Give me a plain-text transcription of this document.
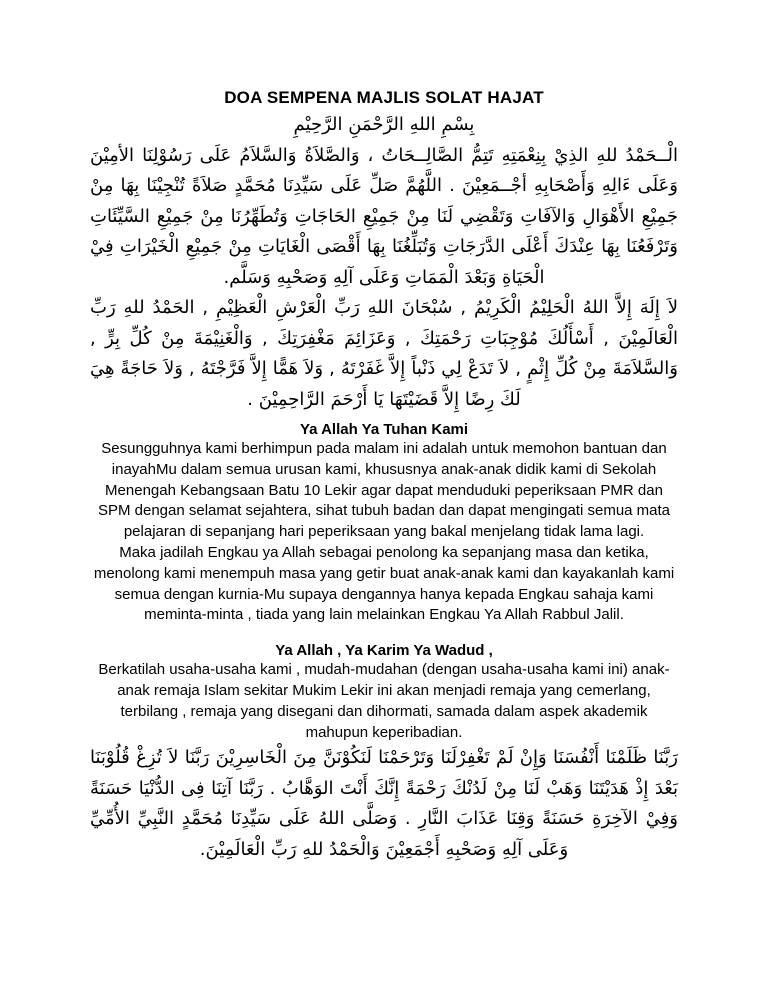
DOA SEMPENA MAJLIS SOLAT HAJAT

بِسْمِ اللهِ الرَّحْمَنِ الرَّحِيْمِ

الْــحَمْدُ للهِ الذِيْ بِنِعْمَتِهِ تَتِمُّ الصَّالِــحَاتُ ، وَالصَّلاَةُ وَالسَّلاَمُ عَلَى رَسُوْلِنَا الأمِيْنَ وَعَلَى ءَالِهِ وَأَصْحَابِهِ أجْــمَعِيْنَ . اللَّهُمَّ صَلِّ عَلَى سَيِّدِنَا مُحَمَّدٍ صَلاَةً تُنْجِيْنَا بِهَا مِنْ جَمِيْعِ الأَهْوَالِ وَالآفَاتِ وَتَقْضِي لَنَا مِنْ جَمِيْعِ الحَاجَاتِ وَتُطَهِّرُنَا مِنْ جَمِيْعِ السَّيِّئَاتِ وَتَرْفَعُنَا بِهَا عِنْدَكَ أَعْلَى الدَّرَجَاتِ وَتُبَلِّغُنَا بِهَا أَقْصَى الْغَايَاتِ مِنْ جَمِيْعِ الْخَيْرَاتِ فِيْ الْحَيَاةِ وَبَعْدَ الْمَمَاتِ وَعَلَى آلِهِ وَصَحْبِهِ وَسَلَّم.

لاَ إِلَهَ إِلاَّ اللهُ الْحَلِيْمُ الْكَرِيْمُ , سُبْحَانَ اللهِ رَبِّ الْعَرْشِ الْعَظِيْمِ , الحَمْدُ للهِ رَبِّ الْعَالَمِيْنَ , أَسْأَلُكَ مُوْجِبَاتِ رَحْمَتِكَ , وَعَزَائِمَ مَغْفِرَتِكَ , وَالْغَنِيْمَةَ مِنْ كُلِّ بِرٍّ , وَالسَّلاَمَةَ مِنْ كُلِّ إِثْمٍ , لاَ تَدَعْ لِي ذَنْباً إِلاَّ غَفَرْتَهُ , وَلاَ هَمًّا إِلاَّ فَرَّجْتَهُ , وَلاَ حَاجَةً هِيَ لَكَ رِضًا إِلاَّ قَضَيْتَهَا يَا أَرْحَمَ الرَّاحِمِيْنَ .

Ya Allah Ya Tuhan Kami

Sesungguhnya kami berhimpun pada malam ini adalah untuk memohon bantuan dan inayahMu dalam semua urusan kami, khususnya anak-anak didik kami di Sekolah Menengah Kebangsaan Batu 10 Lekir agar dapat menduduki peperiksaan PMR dan SPM dengan selamat sejahtera, sihat tubuh badan dan dapat mengingati semua mata pelajaran di sepanjang hari peperiksaan yang bakal menjelang tidak lama lagi.

Maka jadilah Engkau ya Allah sebagai penolong ka sepanjang masa dan ketika, menolong kami menempuh masa yang getir buat anak-anak kami dan kayakanlah kami semua dengan kurnia-Mu supaya dengannya hanya kepada Engkau sahaja kami meminta-minta , tiada yang lain melainkan Engkau Ya Allah Rabbul Jalil.

Ya Allah , Ya Karim Ya Wadud ,

Berkatilah usaha-usaha kami , mudah-mudahan (dengan usaha-usaha kami ini) anak-anak remaja Islam sekitar Mukim Lekir ini akan menjadi remaja yang cemerlang, terbilang , remaja yang disegani dan dihormati, samada dalam aspek akademik mahupun keperibadian.

رَبَّنَا ظَلَمْنَا أَنْفُسَنَا وَإِنْ لَمْ تَغْفِرْلَنَا وَتَرْحَمْنَا لَنَكُوْنَنَّ مِنَ الْخَاسِرِيْنَ رَبَّنَا لاَ تُزِغْ قُلُوْبَنَا بَعْدَ إِذْ هَدَيْتَنَا وَهَبْ لَنَا مِنْ لَدُنْكَ رَحْمَةً إِنَّكَ أَنْتَ الوَهَّابُ . رَبَّنَا آتِنَا فِى الدُّنْيَا حَسَنَةً وَفِيْ الآخِرَةِ حَسَنَةً وَقِنَا عَذَابَ النَّارِ . وَصَلَّى اللهُ عَلَى سَيِّدِنَا مُحَمَّدٍ النَّبِيِّ الأُمِّيِّ وَعَلَى آلِهِ وَصَحْبِهِ أَجْمَعِيْنَ وَالْحَمْدُ للهِ رَبِّ الْعَالَمِيْنَ.
